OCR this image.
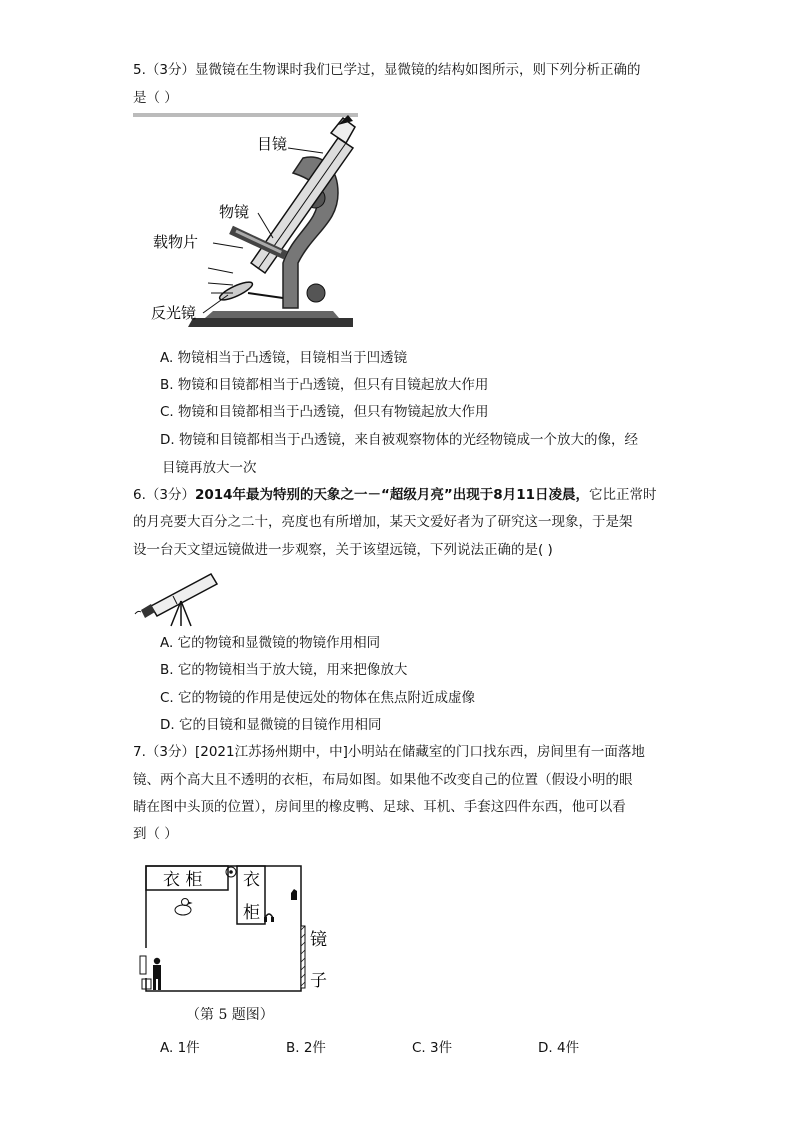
5.（3分）显微镜在生物课时我们已学过，显微镜的结构如图所示，则下列分析正确的
是（ ）
目镜
物镜
载物片
反光镜
A. 物镜相当于凸透镜，目镜相当于凹透镜
B. 物镜和目镜都相当于凸透镜，但只有目镜起放大作用
C. 物镜和目镜都相当于凸透镜，但只有物镜起放大作用
D. 物镜和目镜都相当于凸透镜，来自被观察物体的光经物镜成一个放大的像，经
目镜再放大一次
6.（3分）2014年最为特别的天象之一－“超级月亮”出现于8月11日凌晨，它比正常时
的月亮要大百分之二十，亮度也有所增加，某天文爱好者为了研究这一现象，于是架
设一台天文望远镜做进一步观察，关于该望远镜，下列说法正确的是( )
A. 它的物镜和显微镜的物镜作用相同
B. 它的物镜相当于放大镜，用来把像放大
C. 它的物镜的作用是使远处的物体在焦点附近成虚像
D. 它的目镜和显微镜的目镜作用相同
7.（3分）[2021江苏扬州期中，中]小明站在储藏室的门口找东西，房间里有一面落地
镜、两个高大且不透明的衣柜，布局如图。如果他不改变自己的位置（假设小明的眼
睛在图中头顶的位置），房间里的橡皮鸭、足球、耳机、手套这四件东西，他可以看
到（ ）
衣 柜 衣
柜
镜
子
（第 5 题图）
A. 1件	B. 2件	C. 3件	D. 4件
